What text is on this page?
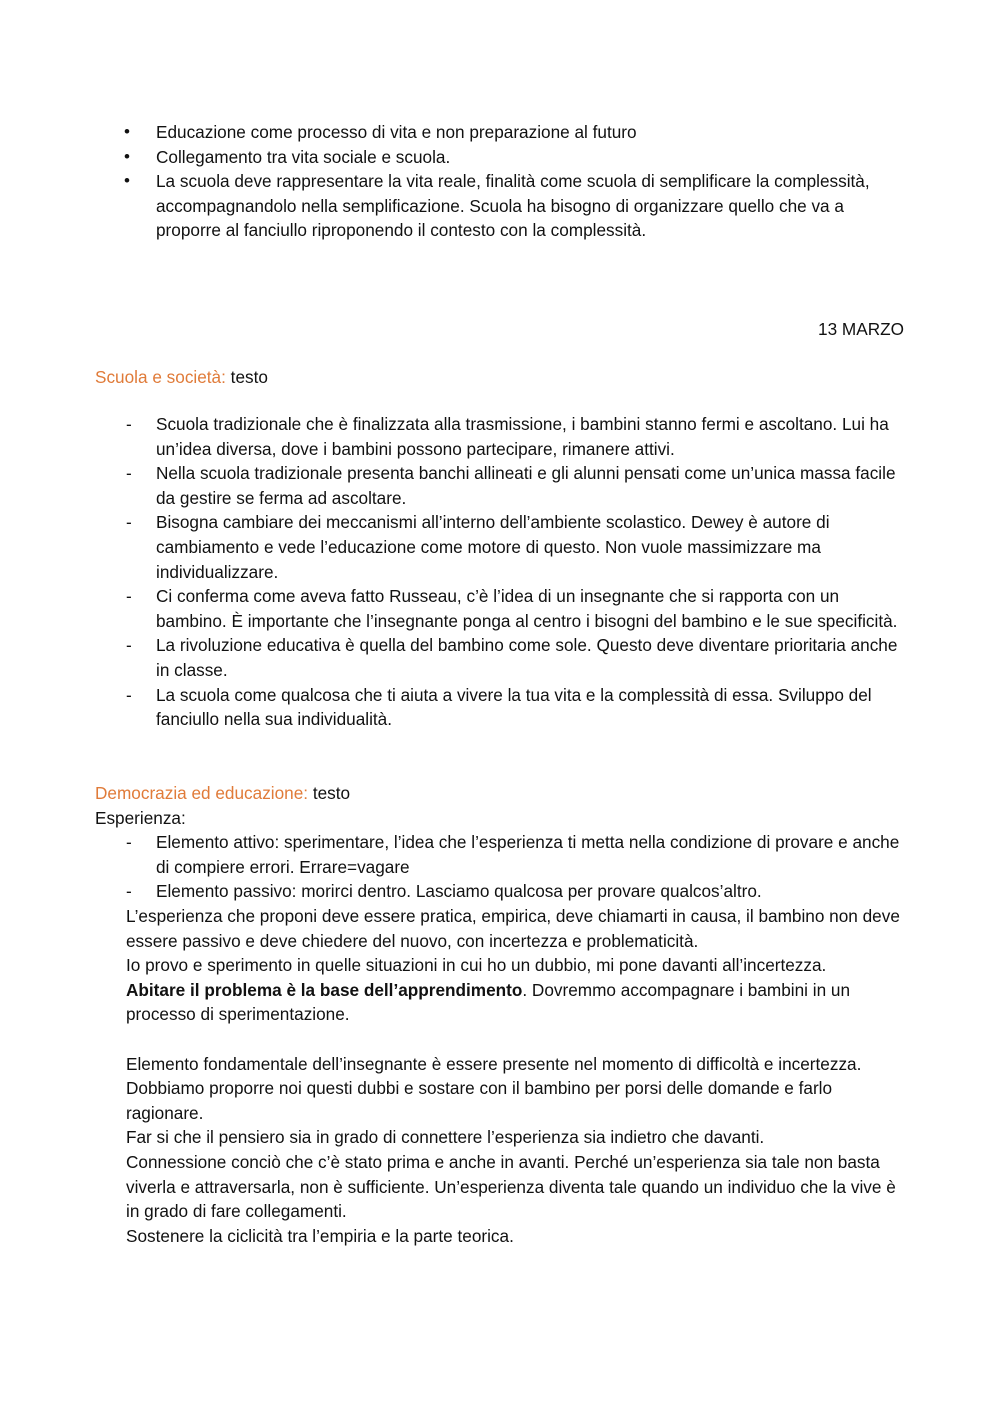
• Educazione come processo di vita e non preparazione al futuro
• Collegamento tra vita sociale e scuola.
• La scuola deve rappresentare la vita reale, finalità come scuola di semplificare la complessità, accompagnandolo nella semplificazione. Scuola ha bisogno di organizzare quello che va a proporre al fanciullo riproponendo il contesto con la complessità.
13 MARZO
Scuola e società: testo
- Scuola tradizionale che è finalizzata alla trasmissione, i bambini stanno fermi e ascoltano. Lui ha un’idea diversa, dove i bambini possono partecipare, rimanere attivi.
- Nella scuola tradizionale presenta banchi allineati e gli alunni pensati come un’unica massa facile da gestire se ferma ad ascoltare.
- Bisogna cambiare dei meccanismi all’interno dell’ambiente scolastico. Dewey è autore di cambiamento e vede l’educazione come motore di questo. Non vuole massimizzare ma individualizzare.
- Ci conferma come aveva fatto Russeau, c’è l’idea di un insegnante che si rapporta con un bambino. È importante che l’insegnante ponga al centro i bisogni del bambino e le sue specificità.
- La rivoluzione educativa è quella del bambino come sole. Questo deve diventare prioritaria anche in classe.
- La scuola come qualcosa che ti aiuta a vivere la tua vita e la complessità di essa. Sviluppo del fanciullo nella sua individualità.
Democrazia ed educazione: testo
Esperienza:
- Elemento attivo: sperimentare, l’idea che l’esperienza ti metta nella condizione di provare e anche di compiere errori. Errare=vagare
- Elemento passivo: morirci dentro. Lasciamo qualcosa per provare qualcos’altro.
L’esperienza che proponi deve essere pratica, empirica, deve chiamarti in causa, il bambino non deve essere passivo e deve chiedere del nuovo, con incertezza e problematicità.
Io provo e sperimento in quelle situazioni in cui ho un dubbio, mi pone davanti all’incertezza.
Abitare il problema è la base dell’apprendimento. Dovremmo accompagnare i bambini in un processo di sperimentazione.
Elemento fondamentale dell’insegnante è essere presente nel momento di difficoltà e incertezza. Dobbiamo proporre noi questi dubbi e sostare con il bambino per porsi delle domande e farlo ragionare.
Far si che il pensiero sia in grado di connettere l’esperienza sia indietro che davanti.
Connessione conciò che c’è stato prima e anche in avanti. Perché un’esperienza sia tale non basta viverla e attraversarla, non è sufficiente. Un’esperienza diventa tale quando un individuo che la vive è in grado di fare collegamenti.
Sostenere la ciclicità tra l’empiria e la parte teorica.
